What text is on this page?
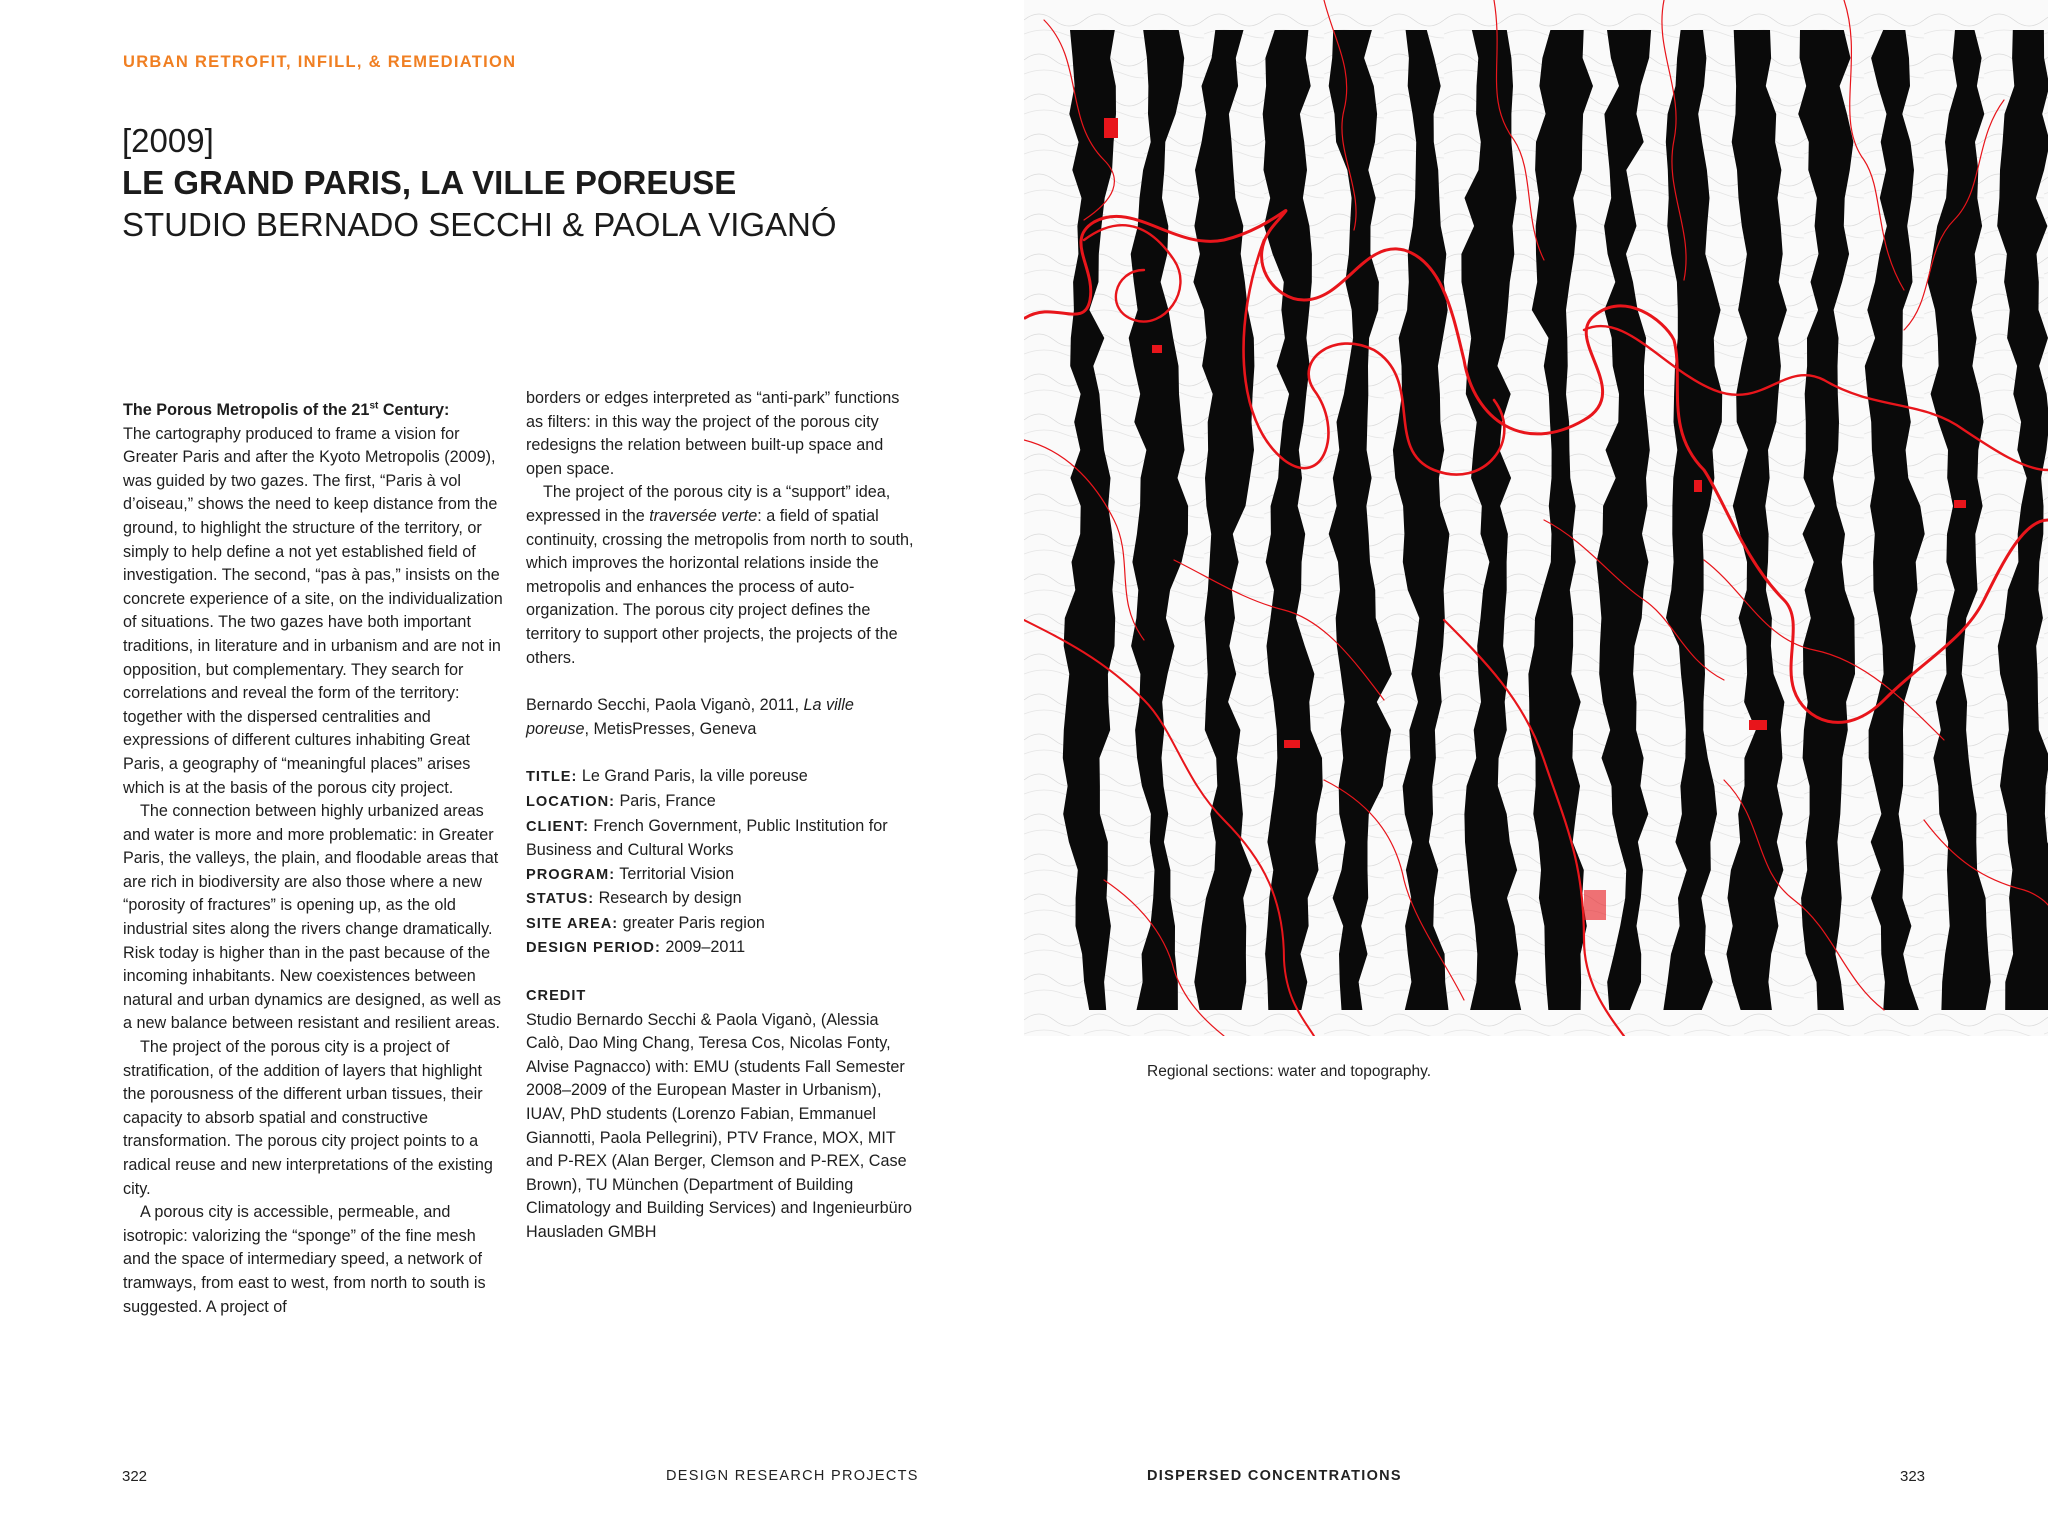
URBAN RETROFIT, INFILL, & REMEDIATION
[2009]
LE GRAND PARIS, LA VILLE POREUSE
STUDIO BERNADO SECCHI & PAOLA VIGANÓ

The Porous Metropolis of the 21st Century:

The cartography produced to frame a vision for Greater Paris and after the Kyoto Metropolis (2009), was guided by two gazes. The first, “Paris à vol d’oiseau,” shows the need to keep distance from the ground, to highlight the structure of the territory, or simply to help define a not yet established field of investigation. The second, “pas à pas,” insists on the concrete experience of a site, on the individualization of situations. The two gazes have both important traditions, in literature and in urbanism and are not in opposition, but complementary. They search for correlations and reveal the form of the territory: together with the dispersed centralities and expressions of different cultures inhabiting Great Paris, a geography of “meaningful places” arises which is at the basis of the porous city project.

The connection between highly urbanized areas and water is more and more problematic: in Greater Paris, the valleys, the plain, and floodable areas that are rich in biodiversity are also those where a new “porosity of fractures” is opening up, as the old industrial sites along the rivers change dramatically. Risk today is higher than in the past because of the incoming inhabitants. New coexistences between natural and urban dynamics are designed, as well as a new balance between resistant and resilient areas.

The project of the porous city is a project of stratification, of the addition of layers that highlight the porousness of the different urban tissues, their capacity to absorb spatial and constructive transformation. The porous city project points to a radical reuse and new interpretations of the existing city.

A porous city is accessible, permeable, and isotropic: valorizing the “sponge” of the fine mesh and the space of intermediary speed, a network of tramways, from east to west, from north to south is suggested. A project of

borders or edges interpreted as “anti-park” functions as filters: in this way the project of the porous city redesigns the relation between built-up space and open space.

The project of the porous city is a “support” idea, expressed in the traversée verte: a field of spatial continuity, crossing the metropolis from north to south, which improves the horizontal relations inside the metropolis and enhances the process of auto-organization. The porous city project defines the territory to support other projects, the projects of the others.

Bernardo Secchi, Paola Viganò, 2011, La ville poreuse, MetisPresses, Geneva

TITLE: Le Grand Paris, la ville poreuse

LOCATION: Paris, France

CLIENT: French Government, Public Institution for Business and Cultural Works

PROGRAM: Territorial Vision

STATUS: Research by design

SITE AREA: greater Paris region

DESIGN PERIOD: 2009–2011

CREDIT

Studio Bernardo Secchi & Paola Viganò, (Alessia Calò, Dao Ming Chang, Teresa Cos, Nicolas Fonty, Alvise Pagnacco) with: EMU (students Fall Semester 2008–2009 of the European Master in Urbanism), IUAV, PhD students (Lorenzo Fabian, Emmanuel Giannotti, Paola Pellegrini), PTV France, MOX, MIT and P-REX (Alan Berger, Clemson and P-REX, Case Brown), TU München (Department of Building Climatology and Building Services) and Ingenieurbüro Hausladen GMBH

322	DESIGN RESEARCH PROJECTS
Regional sections: water and topography.
DISPERSED CONCENTRATIONS	323
